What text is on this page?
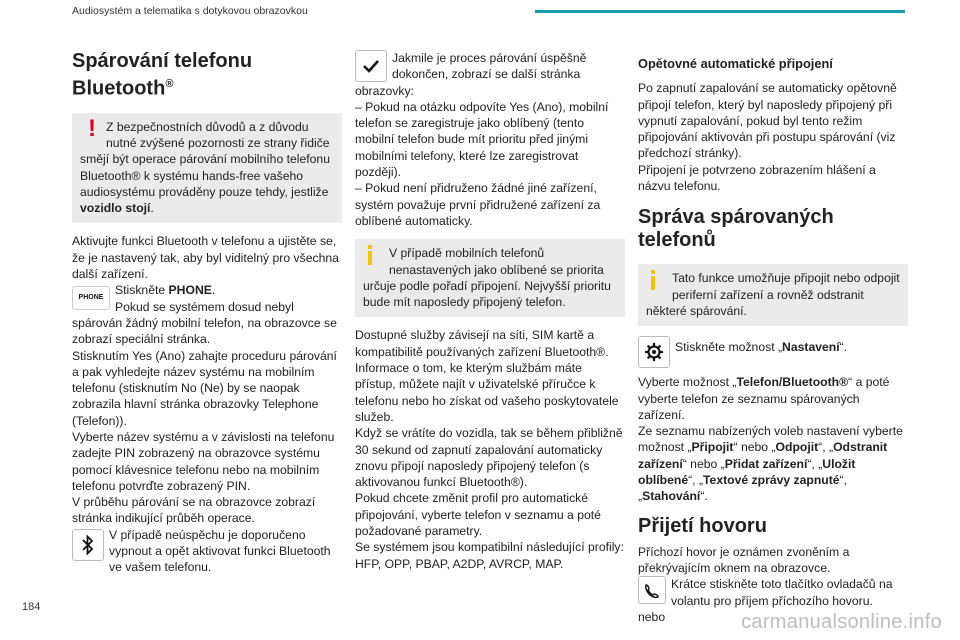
Audiosystém a telematika s dotykovou obrazovkou
Spárování telefonu
Bluetooth®
! Z bezpečnostních důvodů a z důvodu nutné zvýšené pozornosti ze strany řidiče smějí být operace párování mobilního telefonu Bluetooth® k systému hands-free vašeho audiosystému prováděny pouze tehdy, jestliže vozidlo stojí.

Aktivujte funkci Bluetooth v telefonu a ujistěte se, že je nastavený tak, aby byl viditelný pro všechna další zařízení.

PHONE

Stiskněte PHONE.

Pokud se systémem dosud nebyl spárován žádný mobilní telefon, na obrazovce se zobrazí speciální stránka.

Stisknutím Yes (Ano) zahajte proceduru párování a pak vyhledejte název systému na mobilním telefonu (stisknutím No (Ne) by se naopak zobrazila hlavní stránka obrazovky Telephone (Telefon)).

Vyberte název systému a v závislosti na telefonu zadejte PIN zobrazený na obrazovce systému pomocí klávesnice telefonu nebo na mobilním telefonu potvrďte zobrazený PIN.

V průběhu párování se na obrazovce zobrazí stránka indikující průběh operace.

V případě neúspěchu je doporučeno vypnout a opět aktivovat funkci Bluetooth ve vašem telefonu.

Jakmile je proces párování úspěšně dokončen, zobrazí se další stránka obrazovky:

– Pokud na otázku odpovíte Yes (Ano), mobilní telefon se zaregistruje jako oblíbený (tento mobilní telefon bude mít prioritu před jinými mobilními telefony, které lze zaregistrovat později).

– Pokud není přidruženo žádné jiné zařízení, systém považuje první přidružené zařízení za oblíbené automaticky.

V případě mobilních telefonů nenastavených jako oblíbené se priorita určuje podle pořadí připojení. Nejvyšší prioritu bude mít naposledy připojený telefon.

Dostupné služby závisejí na síti, SIM kartě a kompatibilitě používaných zařízení Bluetooth®. Informace o tom, ke kterým službám máte přístup, můžete najít v uživatelské příručce k telefonu nebo ho získat od vašeho poskytovatele služeb.

Když se vrátíte do vozidla, tak se během přibližně 30 sekund od zapnutí zapalování automaticky znovu připojí naposledy připojený telefon (s aktivovanou funkcí Bluetooth®).

Pokud chcete změnit profil pro automatické připojování, vyberte telefon v seznamu a poté požadované parametry.

Se systémem jsou kompatibilní následující profily: HFP, OPP, PBAP, A2DP, AVRCP, MAP.

Opětovné automatické připojení

Po zapnutí zapalování se automaticky opětovně připojí telefon, který byl naposledy připojený při vypnutí zapalování, pokud byl tento režim připojování aktivován při postupu spárování (viz předchozí stránky).

Připojení je potvrzeno zobrazením hlášení a názvu telefonu.

Správa spárovaných
telefonů

Tato funkce umožňuje připojit nebo odpojit periferní zařízení a rovněž odstranit některé spárování.

Stiskněte možnost „Nastavení“.

Vyberte možnost „Telefon/Bluetooth®“ a poté vyberte telefon ze seznamu spárovaných zařízení.

Ze seznamu nabízených voleb nastavení vyberte možnost „Připojit“ nebo „Odpojit“, „Odstranit zařízení“ nebo „Přidat zařízení“, „Uložit oblíbené“, „Textové zprávy zapnuté“, „Stahování“.

Přijetí hovoru

Příchozí hovor je oznámen zvoněním a překrývajícím oknem na obrazovce.

Krátce stiskněte toto tlačítko ovladačů na volantu pro příjem příchozího hovoru.

nebo

184
carmanualsonline.info
